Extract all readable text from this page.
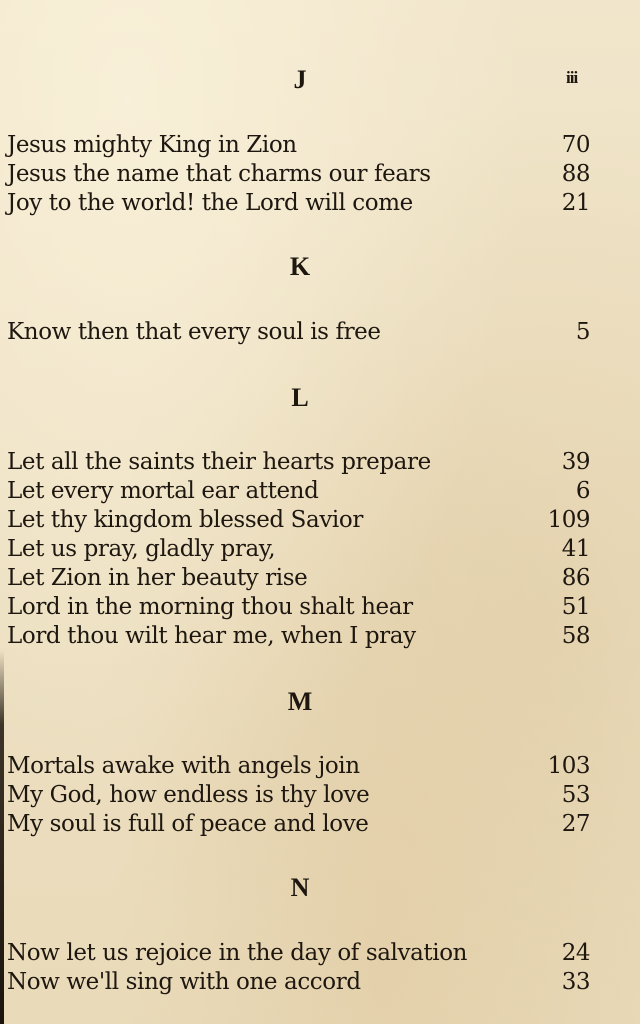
iii
J
Jesus mighty King in Zion	70
Jesus the name that charms our fears	88
Joy to the world! the Lord will come	21
K
Know then that every soul is free	5
L
Let all the saints their hearts prepare	39
Let every mortal ear attend	6
Let thy kingdom blessed Savior	109
Let us pray, gladly pray,	41
Let Zion in her beauty rise	86
Lord in the morning thou shalt hear	51
Lord thou wilt hear me, when I pray	58
M
Mortals awake with angels join	103
My God, how endless is thy love	53
My soul is full of peace and love	27
N
Now let us rejoice in the day of salvation	24
Now we'll sing with one accord	33
